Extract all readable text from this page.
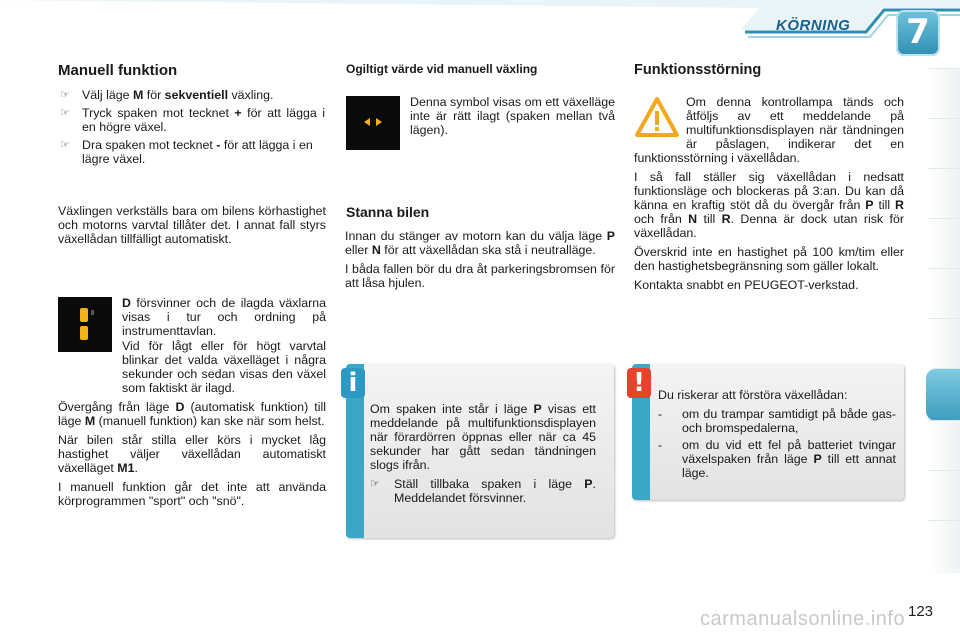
KÖRNING 7
Manuell funktion
☞ Välj läge M för sekventiell växling.
☞ Tryck spaken mot tecknet + för att lägga i en högre växel.
☞ Dra spaken mot tecknet - för att lägga i en lägre växel.
Växlingen verkställs bara om bilens körhastighet och motorns varvtal tillåter det. I annat fall styrs växellådan tillfälligt automatiskt.
D försvinner och de ilagda växlarna visas i tur och ordning på instrumenttavlan.

Vid för lågt eller för högt varvtal blinkar det valda växelläget i några sekunder och sedan visas den växel som faktiskt är ilagd.

Övergång från läge D (automatisk funktion) till läge M (manuell funktion) kan ske när som helst.

När bilen står stilla eller körs i mycket låg hastighet väljer växellådan automatiskt växelläget M1.

I manuell funktion går det inte att använda körprogrammen "sport" och "snö".

Ogiltigt värde vid manuell växling
Denna symbol visas om ett växelläge inte är rätt ilagt (spaken mellan två lägen).
Stanna bilen

Innan du stänger av motorn kan du välja läge P eller N för att växellådan ska stå i neutralläge.

I båda fallen bör du dra åt parkeringsbromsen för att låsa hjulen.

Funktionsstörning

Om denna kontrollampa tänds och åtföljs av ett meddelande på multifunktionsdisplayen när tändningen är påslagen, indikerar det en funktionsstörning i växellådan.

I så fall ställer sig växellådan i nedsatt funktionsläge och blockeras på 3:an. Du kan då känna en kraftig stöt då du övergår från P till R och från N till R. Denna är dock utan risk för växellådan.

Överskrid inte en hastighet på 100 km/tim eller den hastighetsbegränsning som gäller lokalt.

Kontakta snabbt en PEUGEOT-verkstad.

Om spaken inte står i läge P visas ett meddelande på multifunktionsdisplayen när förardörren öppnas eller när ca 45 sekunder har gått sedan tändningen slogs ifrån.

☞	Ställ tillbaka spaken i läge P. Meddelandet försvinner.
i	Du riskerar att förstöra växellådan:

-	om du trampar samtidigt på både gas- och bromspedalerna,
-	om du vid ett fel på batteriet tvingar växelspaken från läge P till ett annat läge.
!
carmanualsonline.info 123
